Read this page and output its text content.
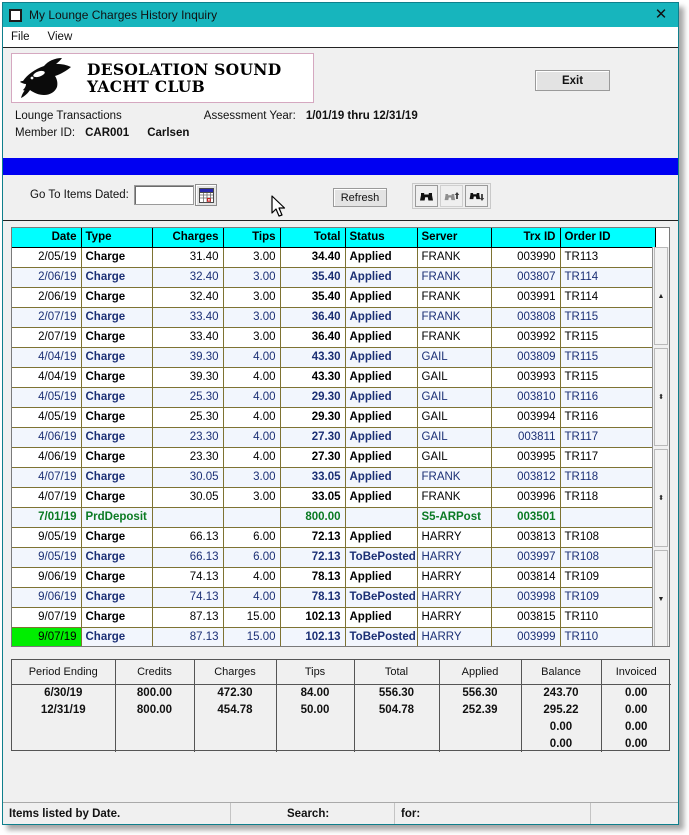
My Lounge Charges History Inquiry	✕
File View
DESOLATION SOUND
YACHT CLUB	Exit
Lounge Transactions	Assessment Year: 1/01/19 thru 12/31/19
Member ID: CAR001 Carlsen
Go To Items Dated:	Refresh
Date	Type	Charges	Tips	Total	Status	Server	Trx ID	Order ID
2/05/19	Charge	31.40	3.00	34.40	Applied	FRANK	003990	TR113
2/06/19	Charge	32.40	3.00	35.40	Applied	FRANK	003807	TR114
2/06/19	Charge	32.40	3.00	35.40	Applied	FRANK	003991	TR114
2/07/19	Charge	33.40	3.00	36.40	Applied	FRANK	003808	TR115
2/07/19	Charge	33.40	3.00	36.40	Applied	FRANK	003992	TR115
4/04/19	Charge	39.30	4.00	43.30	Applied	GAIL	003809	TR115
4/04/19	Charge	39.30	4.00	43.30	Applied	GAIL	003993	TR115
4/05/19	Charge	25.30	4.00	29.30	Applied	GAIL	003810	TR116
4/05/19	Charge	25.30	4.00	29.30	Applied	GAIL	003994	TR116
4/06/19	Charge	23.30	4.00	27.30	Applied	GAIL	003811	TR117
4/06/19	Charge	23.30	4.00	27.30	Applied	GAIL	003995	TR117
4/07/19	Charge	30.05	3.00	33.05	Applied	FRANK	003812	TR118
4/07/19	Charge	30.05	3.00	33.05	Applied	FRANK	003996	TR118
7/01/19	PrdDeposit			800.00		S5-ARPost	003501	
9/05/19	Charge	66.13	6.00	72.13	Applied	HARRY	003813	TR108
9/05/19	Charge	66.13	6.00	72.13	ToBePosted	HARRY	003997	TR108
9/06/19	Charge	74.13	4.00	78.13	Applied	HARRY	003814	TR109
9/06/19	Charge	74.13	4.00	78.13	ToBePosted	HARRY	003998	TR109
9/07/19	Charge	87.13	15.00	102.13	Applied	HARRY	003815	TR110
9/07/19	Charge	87.13	15.00	102.13	ToBePosted	HARRY	003999	TR110
▲
⬍
⬍
▼
Period Ending	Credits	Charges	Tips	Total	Applied	Balance	Invoiced
6/30/19	800.00	472.30	84.00	556.30	556.30	243.70	0.00
12/31/19	800.00	454.78	50.00	504.78	252.39	295.22	0.00
						0.00	0.00
						0.00	0.00
Items listed by Date.	Search:	for:
